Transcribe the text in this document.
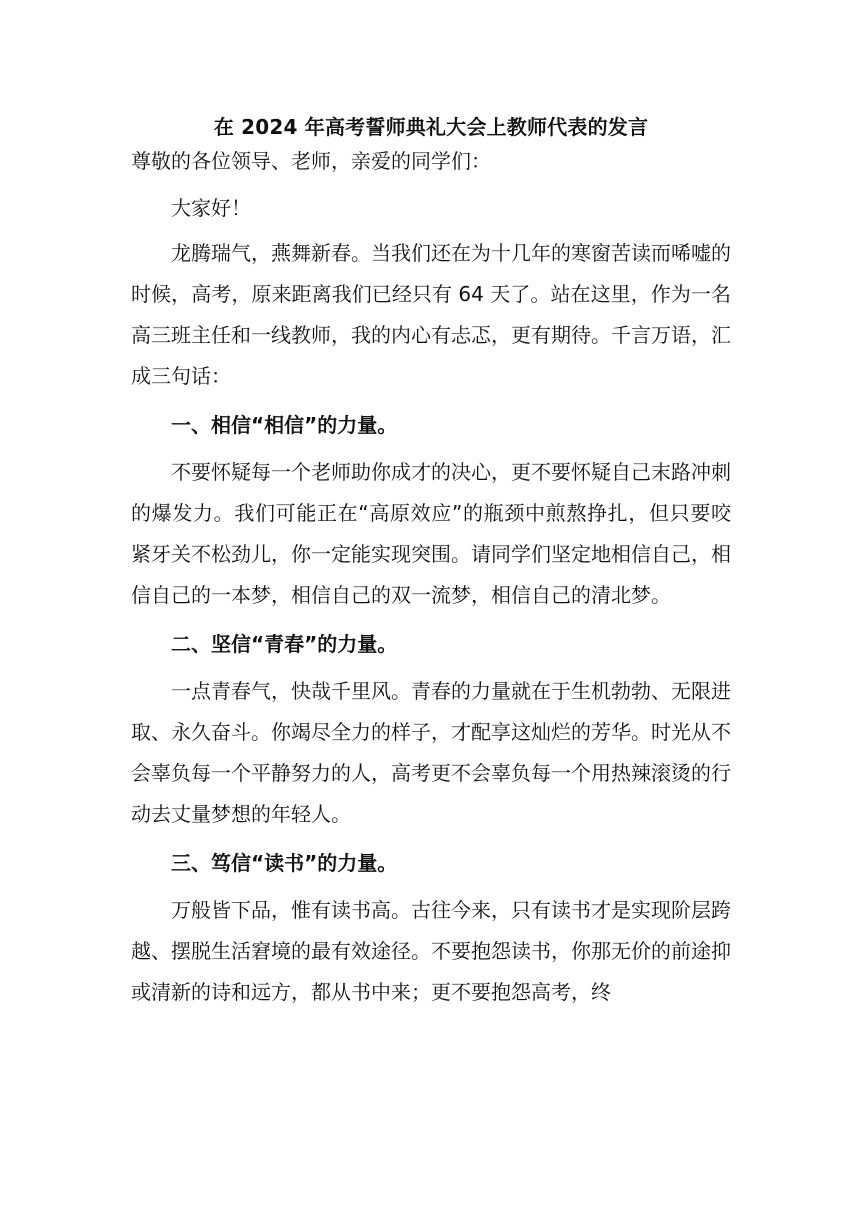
在 2024 年高考誓师典礼大会上教师代表的发言

尊敬的各位领导、老师，亲爱的同学们：

大家好！

龙腾瑞气，燕舞新春。当我们还在为十几年的寒窗苦读而唏嘘的时候，高考，原来距离我们已经只有 64 天了。站在这里，作为一名高三班主任和一线教师，我的内心有忐忑，更有期待。千言万语，汇成三句话：

一、相信“相信”的力量。

不要怀疑每一个老师助你成才的决心，更不要怀疑自己末路冲刺的爆发力。我们可能正在“高原效应”的瓶颈中煎熬挣扎，但只要咬紧牙关不松劲儿，你一定能实现突围。请同学们坚定地相信自己，相信自己的一本梦，相信自己的双一流梦，相信自己的清北梦。

二、坚信“青春”的力量。

一点青春气，快哉千里风。青春的力量就在于生机勃勃、无限进取、永久奋斗。你竭尽全力的样子，才配享这灿烂的芳华。时光从不会辜负每一个平静努力的人，高考更不会辜负每一个用热辣滚烫的行动去丈量梦想的年轻人。

三、笃信“读书”的力量。

万般皆下品，惟有读书高。古往今来，只有读书才是实现阶层跨越、摆脱生活窘境的最有效途径。不要抱怨读书，你那无价的前途抑或清新的诗和远方，都从书中来；更不要抱怨高考，终
